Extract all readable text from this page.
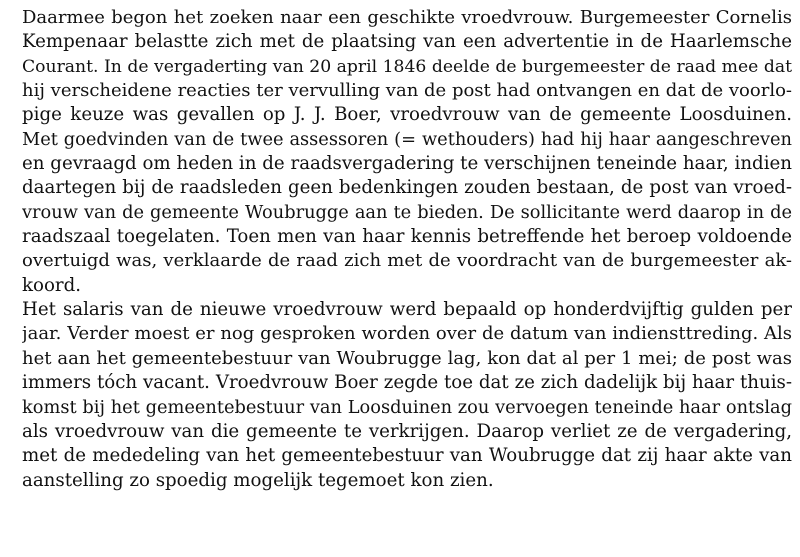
Daarmee begon het zoeken naar een geschikte vroedvrouw. Burgemeester Cornelis
Kempenaar belastte zich met de plaatsing van een advertentie in de Haarlemsche
Courant. In de vergaderting van 20 april 1846 deelde de burgemeester de raad mee dat
hij verscheidene reacties ter vervulling van de post had ontvangen en dat de voorlo-
pige keuze was gevallen op J. J. Boer, vroedvrouw van de gemeente Loosduinen.
Met goedvinden van de twee assessoren (= wethouders) had hij haar aangeschreven
en gevraagd om heden in de raadsvergadering te verschijnen teneinde haar, indien
daartegen bij de raadsleden geen bedenkingen zouden bestaan, de post van vroed-
vrouw van de gemeente Woubrugge aan te bieden. De sollicitante werd daarop in de
raadszaal toegelaten. Toen men van haar kennis betreffende het beroep voldoende
overtuigd was, verklaarde de raad zich met de voordracht van de burgemeester ak-
koord.
Het salaris van de nieuwe vroedvrouw werd bepaald op honderdvijftig gulden per
jaar. Verder moest er nog gesproken worden over de datum van indiensttreding. Als
het aan het gemeentebestuur van Woubrugge lag, kon dat al per 1 mei; de post was
immers tóch vacant. Vroedvrouw Boer zegde toe dat ze zich dadelijk bij haar thuis-
komst bij het gemeentebestuur van Loosduinen zou vervoegen teneinde haar ontslag
als vroedvrouw van die gemeente te verkrijgen. Daarop verliet ze de vergadering,
met de mededeling van het gemeentebestuur van Woubrugge dat zij haar akte van
aanstelling zo spoedig mogelijk tegemoet kon zien.
